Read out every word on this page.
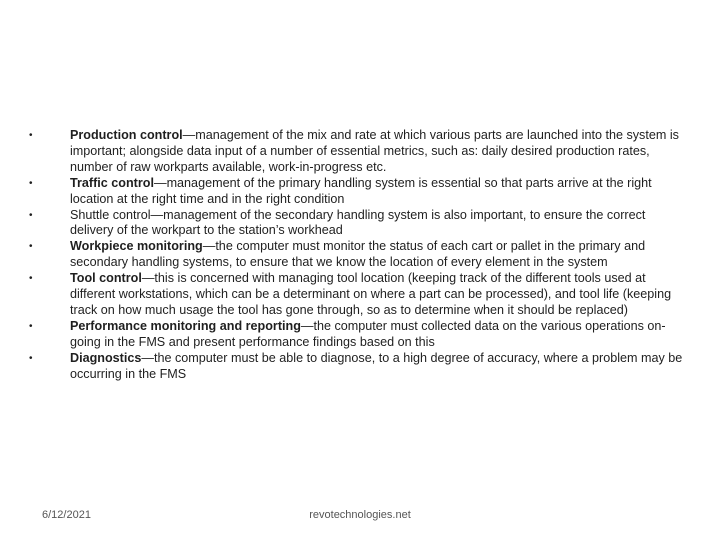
•	Production control—management of the mix and rate at which various parts are launched into the system is important; alongside data input of a number of essential metrics, such as: daily desired production rates, number of raw workparts available, work-in-progress etc.
•	Traffic control—management of the primary handling system is essential so that parts arrive at the right location at the right time and in the right condition
•	Shuttle control—management of the secondary handling system is also important, to ensure the correct delivery of the workpart to the station’s workhead
•	Workpiece monitoring—the computer must monitor the status of each cart or pallet in the primary and secondary handling systems, to ensure that we know the location of every element in the system
•	Tool control—this is concerned with managing tool location (keeping track of the different tools used at different workstations, which can be a determinant on where a part can be processed), and tool life (keeping track on how much usage the tool has gone through, so as to determine when it should be replaced)
•	Performance monitoring and reporting—the computer must collected data on the various operations on-going in the FMS and present performance findings based on this
•	Diagnostics—the computer must be able to diagnose, to a high degree of accuracy, where a problem may be occurring in the FMS
6/12/2021	revotechnologies.net
